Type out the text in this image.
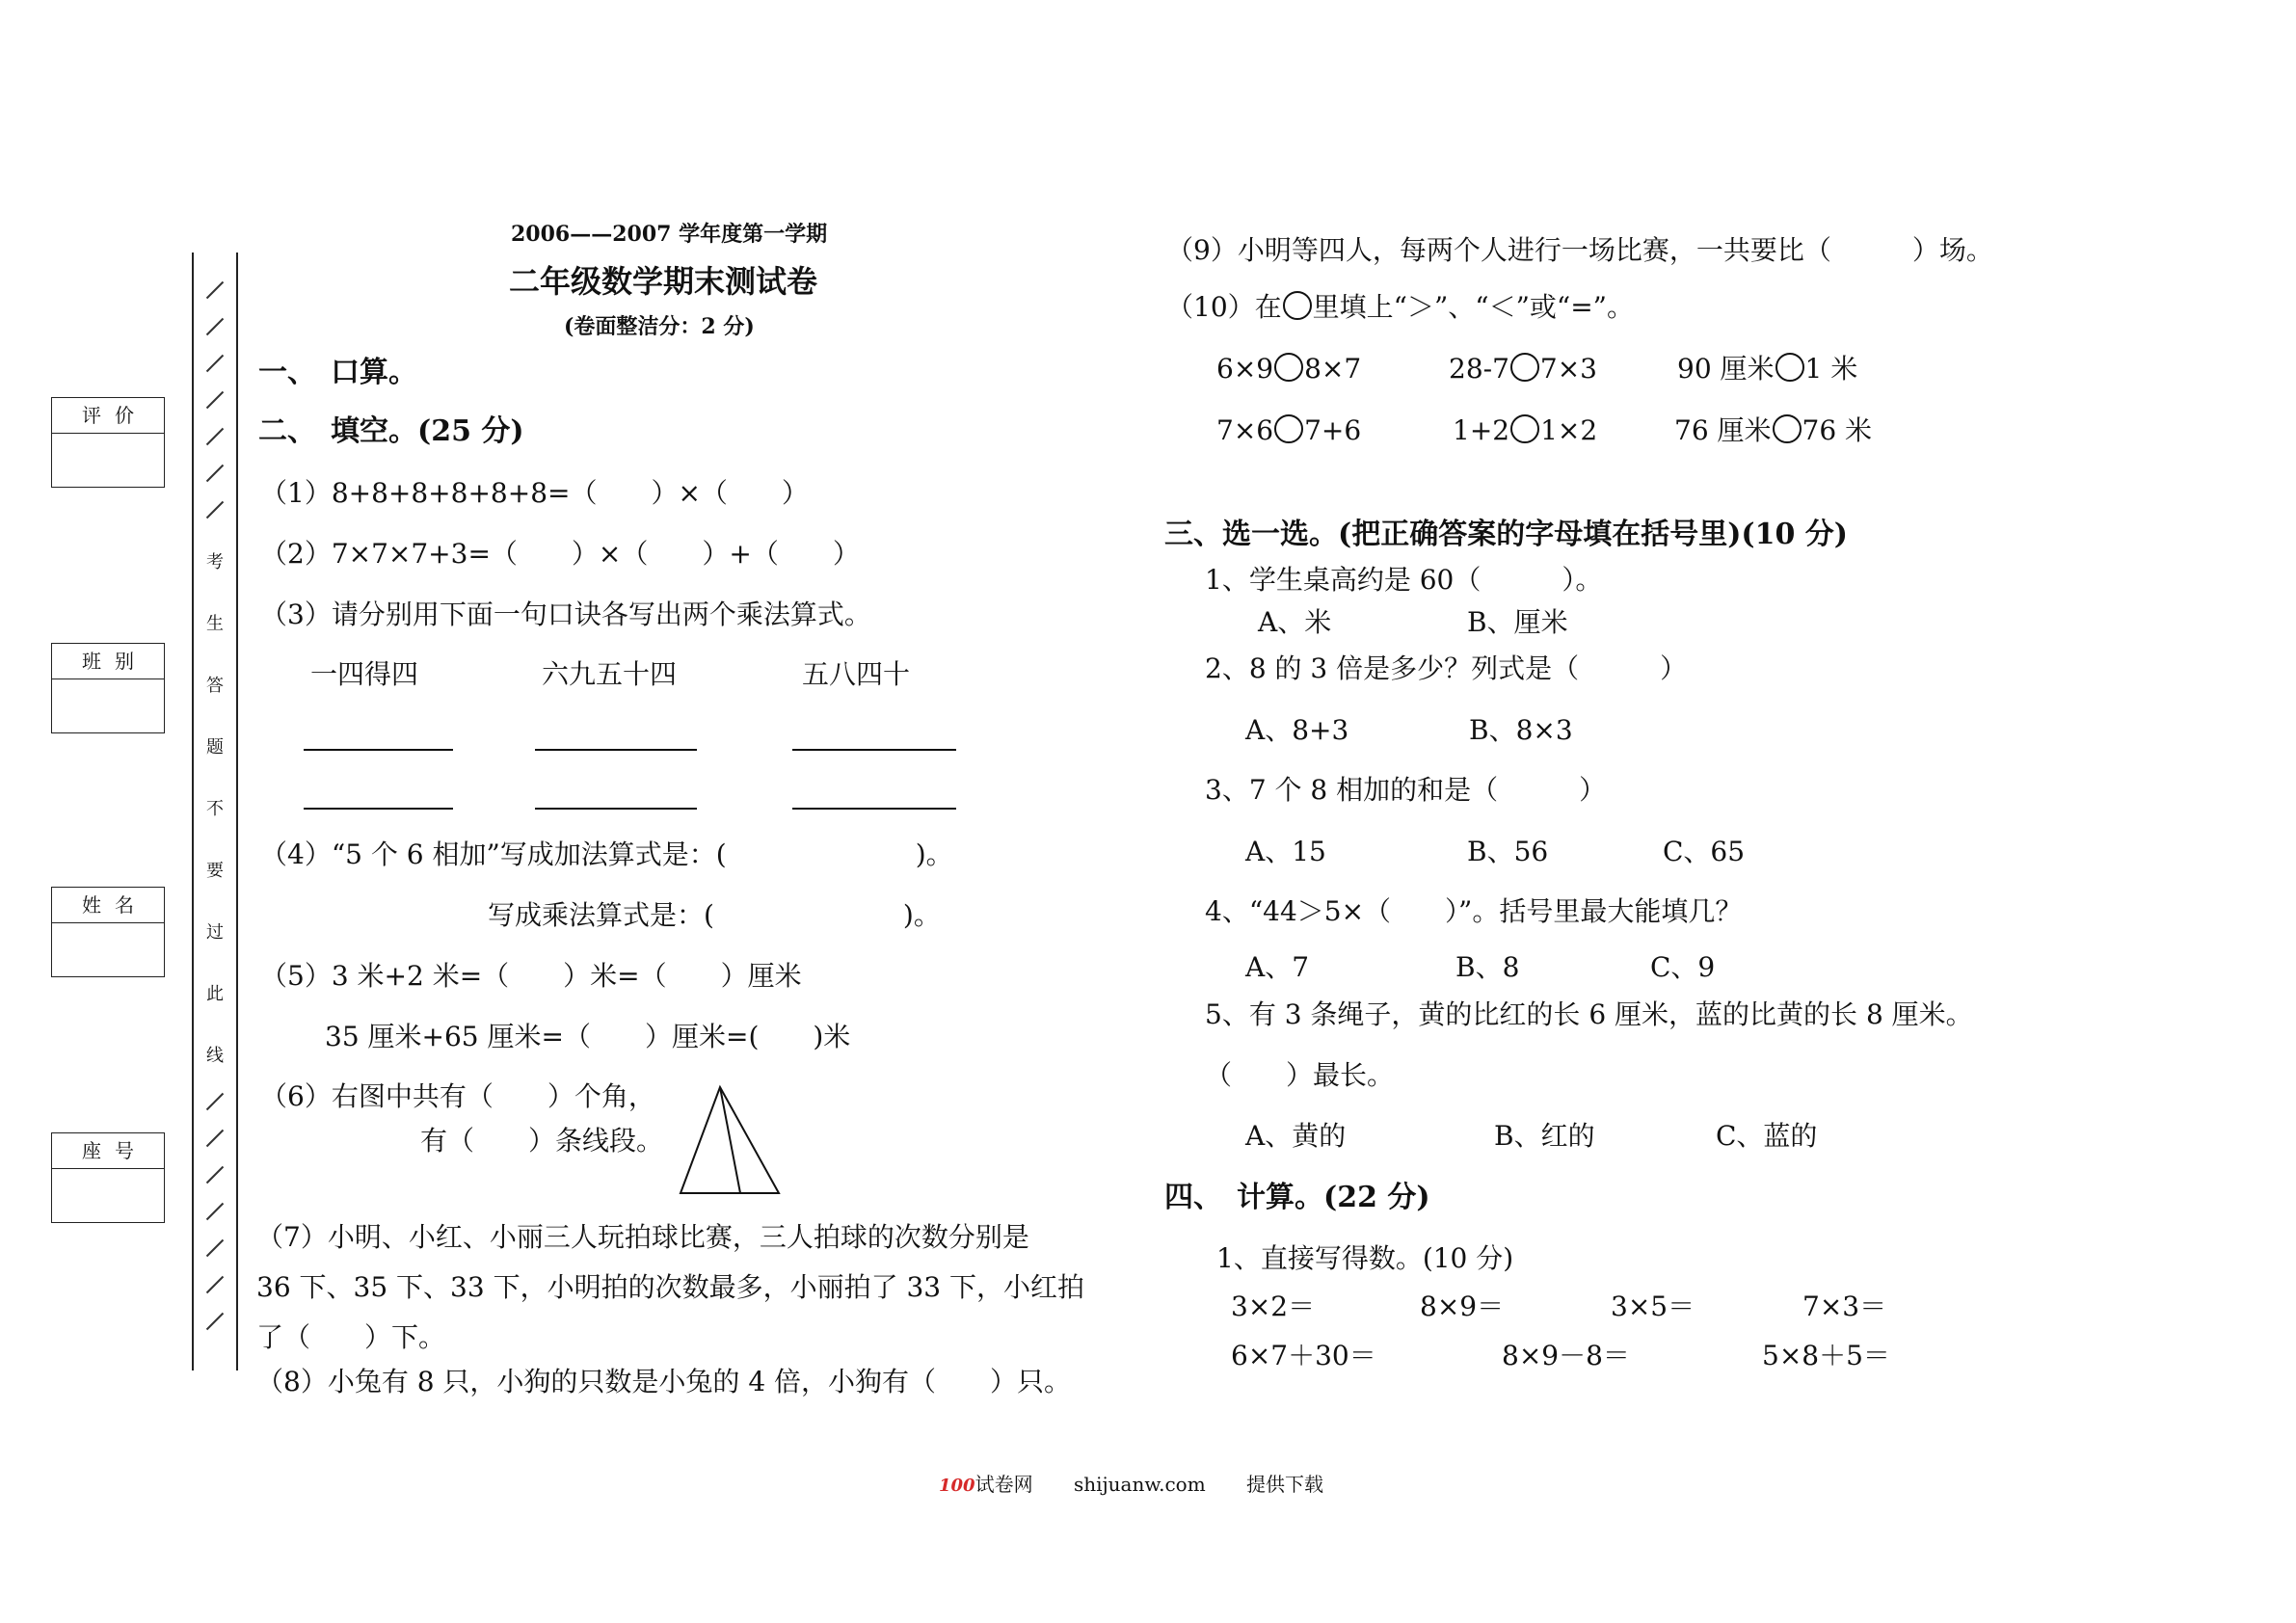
评价
班别
姓名
座号
考
生
答
题
不
要
过
此
线
2006——2007 学年度第一学期
二年级数学期末测试卷
(卷面整洁分：2 分)
一、　口算。
二、　填空。(25 分)
（1）8+8+8+8+8+8=（　　）×（　　）
（2）7×7×7+3=（　　）×（　　）+（　　）
（3）请分别用下面一句口诀各写出两个乘法算式。
一四得四	六九五十四	五八四十
（4）“5 个 6 相加”写成加法算式是：(　　　　　　　)。
写成乘法算式是：(　　　　　　　)。
（5）3 米+2 米=（　　）米=（　　）厘米
35 厘米+65 厘米=（　　）厘米=(　　)米
（6）右图中共有（　　）个角，
有（　　）条线段。
（7）小明、小红、小丽三人玩拍球比赛，三人拍球的次数分别是
36 下、35 下、33 下，小明拍的次数最多，小丽拍了 33 下，小红拍
了（　　）下。
（8）小兔有 8 只，小狗的只数是小兔的 4 倍，小狗有（　　）只。
（9）小明等四人，每两个人进行一场比赛，一共要比（　　　）场。
（10）在 里填上“＞”、“＜”或“=”。
6×9 8×7	28-7 7×3	90 厘米 1 米
7×6 7+6	1+2 1×2	76 厘米 76 米
三、选一选。(把正确答案的字母填在括号里)(10 分)
1、学生桌高约是 60（　　　）。
A、米	B、厘米
2、8 的 3 倍是多少？列式是（　　　）
A、8+3	B、8×3
3、7 个 8 相加的和是（　　　）
A、15	B、56	C、65
4、“44＞5×（　　）”。括号里最大能填几？
A、7	B、8	C、9
5、有 3 条绳子，黄的比红的长 6 厘米，蓝的比黄的长 8 厘米。
（　　）最长。
A、黄的	B、红的	C、蓝的
四、　计算。(22 分)
1、直接写得数。(10 分)
3×2＝	8×9＝	3×5＝	7×3＝
6×7＋30＝	8×9－8＝	5×8＋5＝
100试卷网 shijuanw.com 提供下载
